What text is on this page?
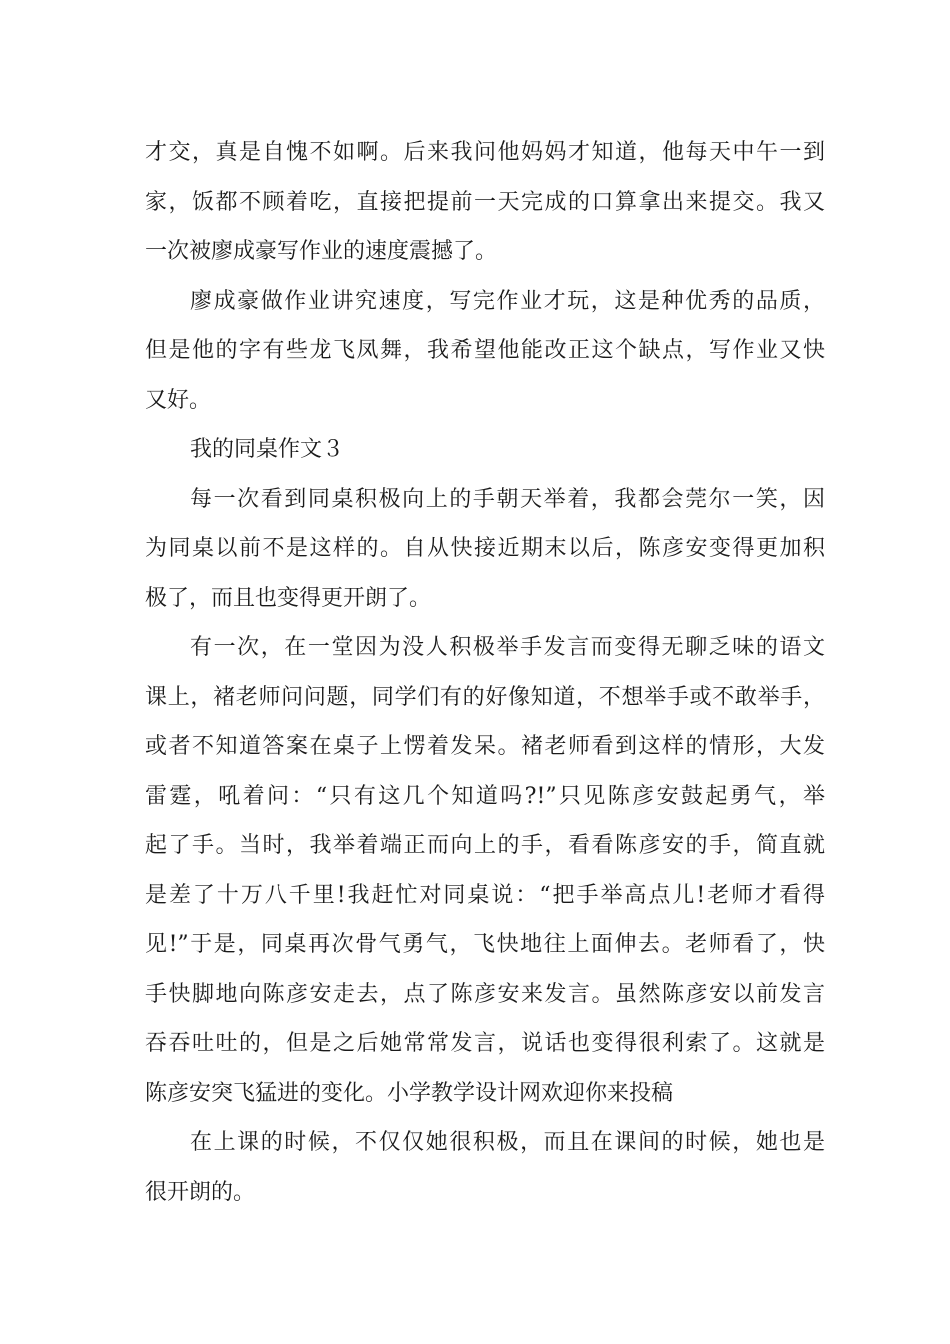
才交，真是自愧不如啊。后来我问他妈妈才知道，他每天中午一到
家，饭都不顾着吃，直接把提前一天完成的口算拿出来提交。我又
一次被廖成豪写作业的速度震撼了。
廖成豪做作业讲究速度，写完作业才玩，这是种优秀的品质，
但是他的字有些龙飞凤舞，我希望他能改正这个缺点，写作业又快
又好。
我的同桌作文３
每一次看到同桌积极向上的手朝天举着，我都会莞尔一笑，因
为同桌以前不是这样的。自从快接近期末以后，陈彦安变得更加积
极了，而且也变得更开朗了。
有一次，在一堂因为没人积极举手发言而变得无聊乏味的语文
课上，褚老师问问题，同学们有的好像知道，不想举手或不敢举手，
或者不知道答案在桌子上愣着发呆。褚老师看到这样的情形，大发
雷霆，吼着问：“只有这几个知道吗?!”只见陈彦安鼓起勇气，举
起了手。当时，我举着端正而向上的手，看看陈彦安的手，简直就
是差了十万八千里!我赶忙对同桌说：“把手举高点儿!老师才看得
见!”于是，同桌再次骨气勇气，飞快地往上面伸去。老师看了，快
手快脚地向陈彦安走去，点了陈彦安来发言。虽然陈彦安以前发言
吞吞吐吐的，但是之后她常常发言，说话也变得很利索了。这就是
陈彦安突飞猛进的变化。小学教学设计网欢迎你来投稿
在上课的时候，不仅仅她很积极，而且在课间的时候，她也是
很开朗的。
